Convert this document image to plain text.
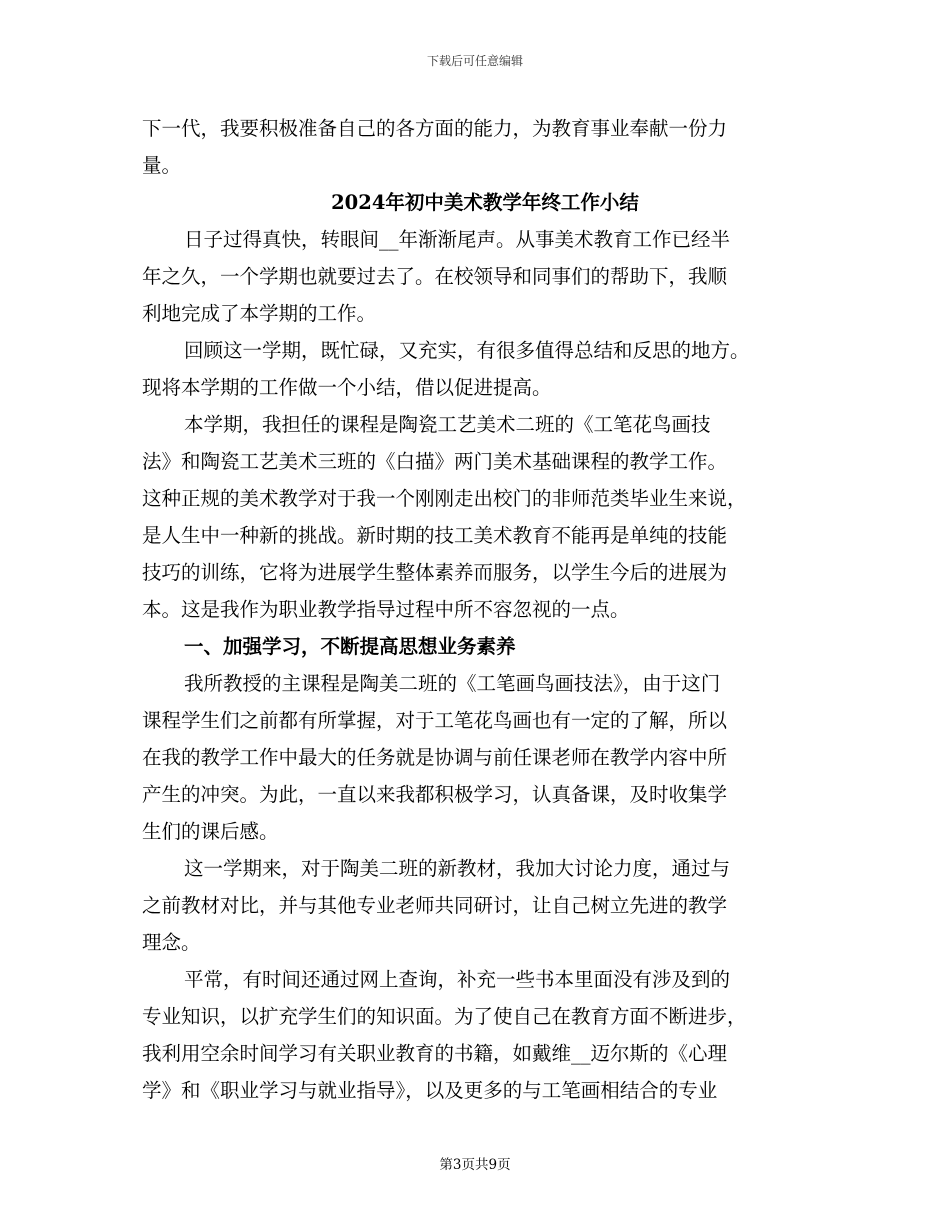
下载后可任意编辑
下一代，我要积极准备自己的各方面的能力，为教育事业奉献一份力
量。
2024年初中美术教学年终工作小结
日子过得真快，转眼间__年渐渐尾声。从事美术教育工作已经半
年之久，一个学期也就要过去了。在校领导和同事们的帮助下，我顺
利地完成了本学期的工作。
回顾这一学期，既忙碌，又充实，有很多值得总结和反思的地方。
现将本学期的工作做一个小结，借以促进提高。
本学期，我担任的课程是陶瓷工艺美术二班的《工笔花鸟画技
法》和陶瓷工艺美术三班的《白描》两门美术基础课程的教学工作。
这种正规的美术教学对于我一个刚刚走出校门的非师范类毕业生来说，
是人生中一种新的挑战。新时期的技工美术教育不能再是单纯的技能
技巧的训练，它将为进展学生整体素养而服务，以学生今后的进展为
本。这是我作为职业教学指导过程中所不容忽视的一点。
一、加强学习，不断提高思想业务素养
我所教授的主课程是陶美二班的《工笔画鸟画技法》，由于这门
课程学生们之前都有所掌握，对于工笔花鸟画也有一定的了解，所以
在我的教学工作中最大的任务就是协调与前任课老师在教学内容中所
产生的冲突。为此，一直以来我都积极学习，认真备课，及时收集学
生们的课后感。
这一学期来，对于陶美二班的新教材，我加大讨论力度，通过与
之前教材对比，并与其他专业老师共同研讨，让自己树立先进的教学
理念。
平常，有时间还通过网上查询，补充一些书本里面没有涉及到的
专业知识，以扩充学生们的知识面。为了使自己在教育方面不断进步，
我利用空余时间学习有关职业教育的书籍，如戴维__迈尔斯的《心理
学》和《职业学习与就业指导》，以及更多的与工笔画相结合的专业
第3页共9页
